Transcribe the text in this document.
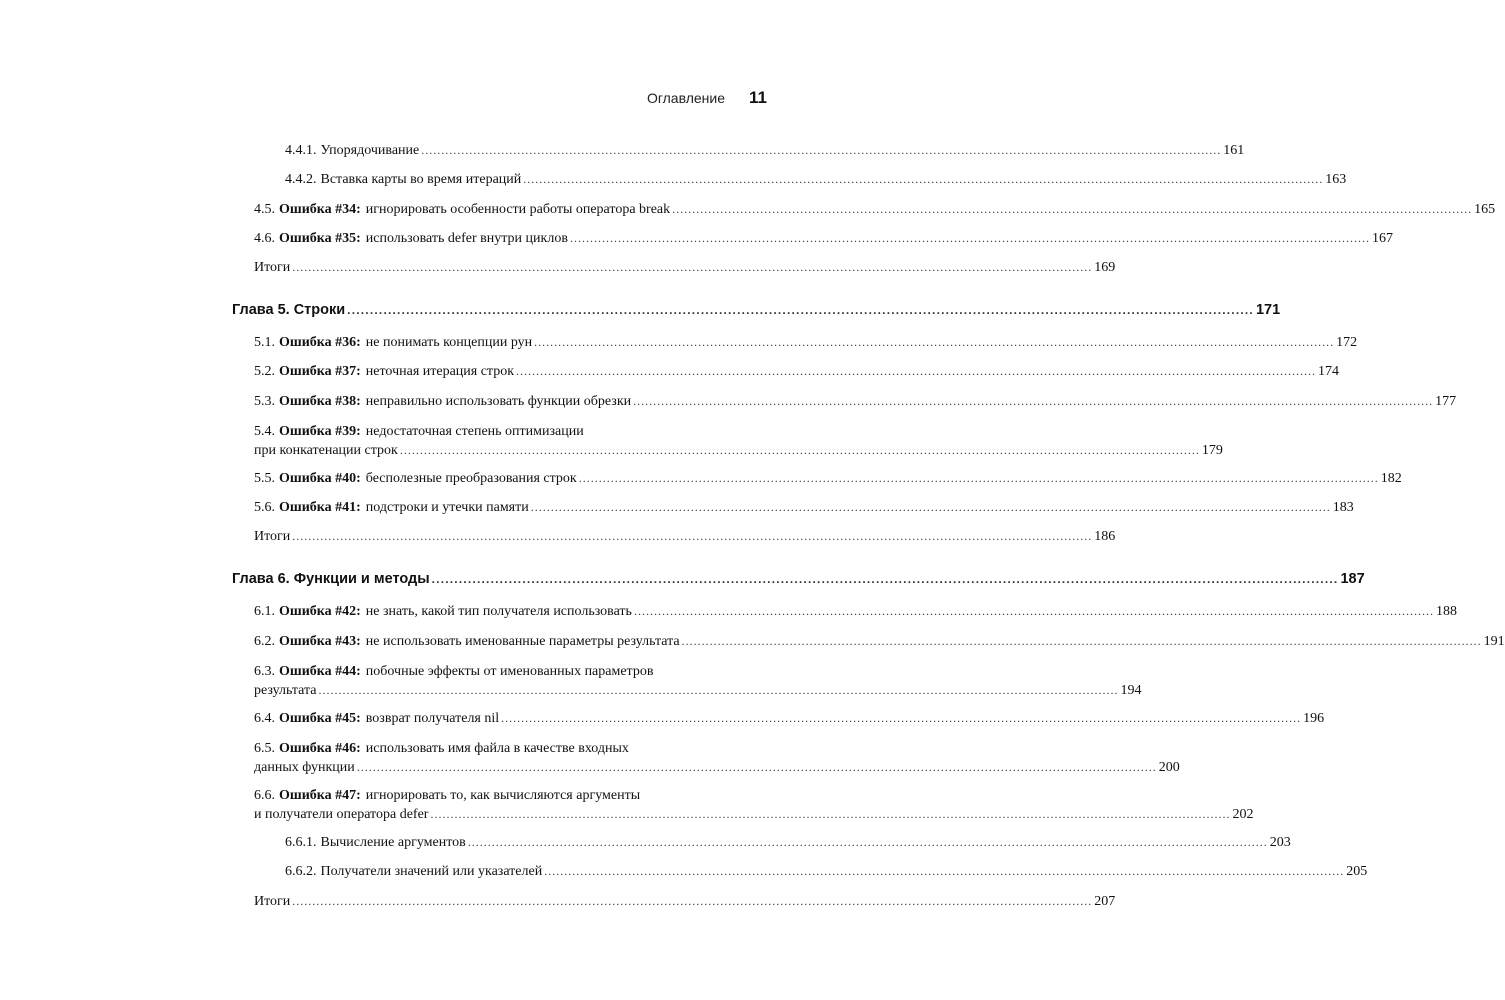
Оглавление 11
4.4.1. Упорядочивание ........................................................................................................................................................................................................ 161
4.4.2. Вставка карты во время итераций ........................................................................................................................................................................................................ 163
4.5. Ошибка #34: игнорировать особенности работы оператора break ........................................................................................................................................................................................................ 165
4.6. Ошибка #35: использовать defer внутри циклов ........................................................................................................................................................................................................ 167
Итоги ........................................................................................................................................................................................................ 169
Глава 5. Строки ........................................................................................................................................................................................................ 171
5.1. Ошибка #36: не понимать концепции рун ........................................................................................................................................................................................................ 172
5.2. Ошибка #37: неточная итерация строк ........................................................................................................................................................................................................ 174
5.3. Ошибка #38: неправильно использовать функции обрезки ........................................................................................................................................................................................................ 177
5.4. Ошибка #39: недостаточная степень оптимизации
при конкатенации строк ........................................................................................................................................................................................................ 179
5.5. Ошибка #40: бесполезные преобразования строк ........................................................................................................................................................................................................ 182
5.6. Ошибка #41: подстроки и утечки памяти ........................................................................................................................................................................................................ 183
Итоги ........................................................................................................................................................................................................ 186
Глава 6. Функции и методы ........................................................................................................................................................................................................ 187
6.1. Ошибка #42: не знать, какой тип получателя использовать ........................................................................................................................................................................................................ 188
6.2. Ошибка #43: не использовать именованные параметры результата ........................................................................................................................................................................................................ 191
6.3. Ошибка #44: побочные эффекты от именованных параметров
результата ........................................................................................................................................................................................................ 194
6.4. Ошибка #45: возврат получателя nil ........................................................................................................................................................................................................ 196
6.5. Ошибка #46: использовать имя файла в качестве входных
данных функции ........................................................................................................................................................................................................ 200
6.6. Ошибка #47: игнорировать то, как вычисляются аргументы
и получатели оператора defer ........................................................................................................................................................................................................ 202
6.6.1. Вычисление аргументов ........................................................................................................................................................................................................ 203
6.6.2. Получатели значений или указателей ........................................................................................................................................................................................................ 205
Итоги ........................................................................................................................................................................................................ 207
